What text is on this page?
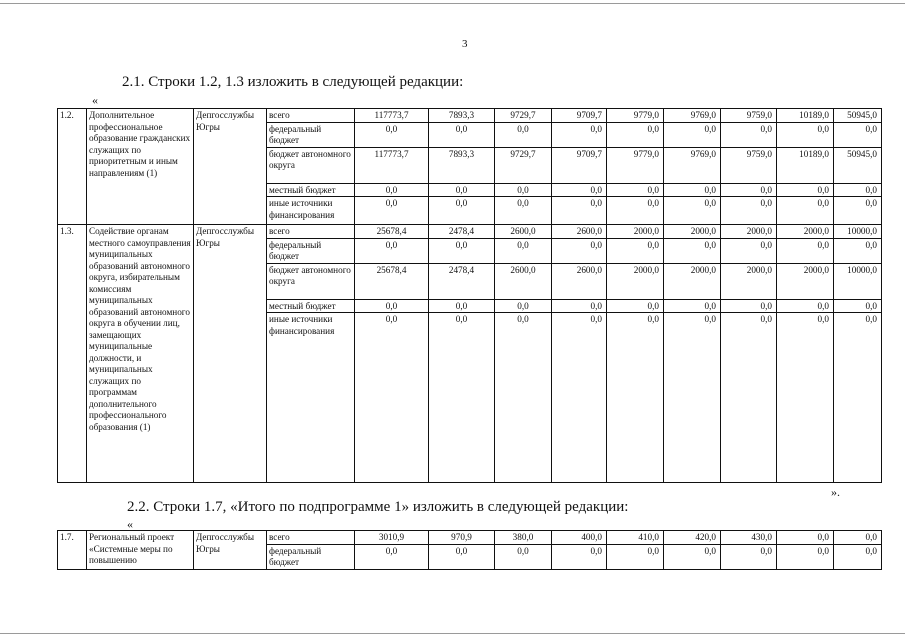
3
2.1. Строки 1.2, 1.3 изложить в следующей редакции:
«
1.2.	Дополнительное профессиональное образование гражданских служащих по приоритетным и иным направлениям (1)	Депгосслужбы Югры	всего	117773,7	7893,3	9729,7	9709,7	9779,0	9769,0	9759,0	10189,0	50945,0
			федеральный бюджет	0,0	0,0	0,0	0,0	0,0	0,0	0,0	0,0	0,0
			бюджет автономного округа	117773,7	7893,3	9729,7	9709,7	9779,0	9769,0	9759,0	10189,0	50945,0
			местный бюджет	0,0	0,0	0,0	0,0	0,0	0,0	0,0	0,0	0,0
			иные источники финансирования	0,0	0,0	0,0	0,0	0,0	0,0	0,0	0,0	0,0
1.3.	Содействие органам местного самоуправления муниципальных образований автономного округа, избирательным комиссиям муниципальных образований автономного округа в обучении лиц, замещающих муниципальные должности, и муниципальных служащих по программам дополнительного профессионального образования (1)	Депгосслужбы Югры	всего	25678,4	2478,4	2600,0	2600,0	2000,0	2000,0	2000,0	2000,0	10000,0
			федеральный бюджет	0,0	0,0	0,0	0,0	0,0	0,0	0,0	0,0	0,0
			бюджет автономного округа	25678,4	2478,4	2600,0	2600,0	2000,0	2000,0	2000,0	2000,0	10000,0
			местный бюджет	0,0	0,0	0,0	0,0	0,0	0,0	0,0	0,0	0,0
			иные источники финансирования	0,0	0,0	0,0	0,0	0,0	0,0	0,0	0,0	0,0
».
2.2. Строки 1.7, «Итого по подпрограмме 1» изложить в следующей редакции:
«
1.7.	Региональный проект «Системные меры по повышению	Депгосслужбы Югры	всего	3010,9	970,9	380,0	400,0	410,0	420,0	430,0	0,0	0,0
			федеральный бюджет	0,0	0,0	0,0	0,0	0,0	0,0	0,0	0,0	0,0
